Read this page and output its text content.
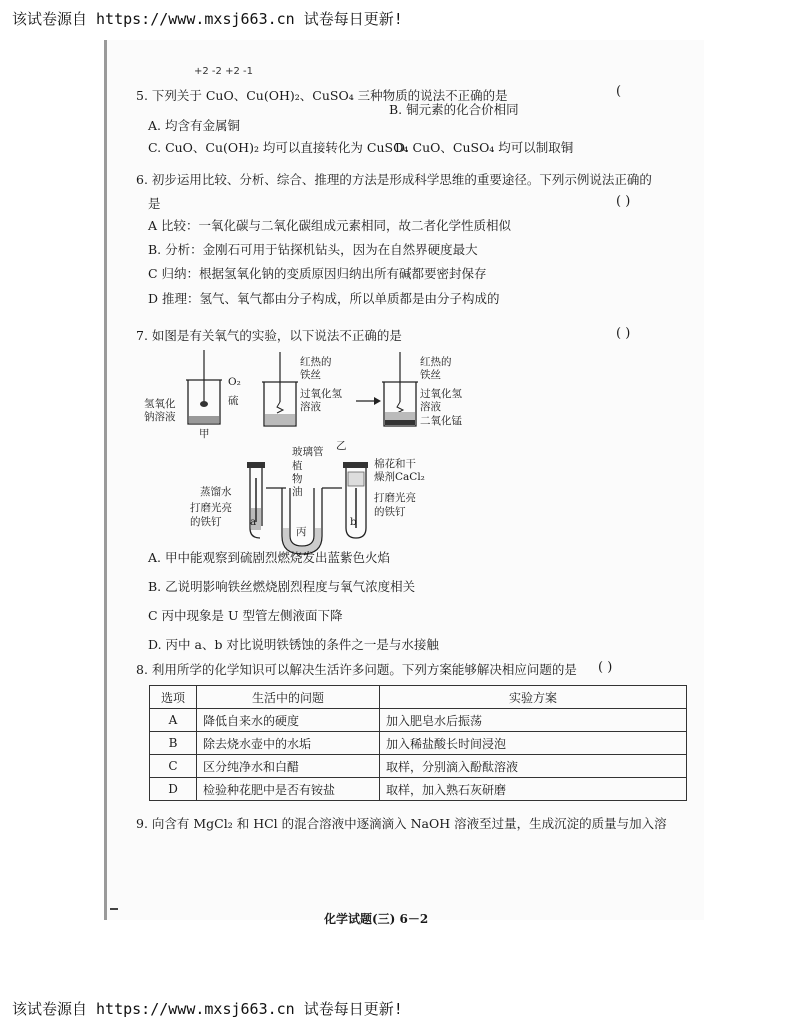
该试卷源自 https://www.mxsj663.cn 试卷每日更新!
+2 -2 +2 -1
5. 下列关于 CuO、Cu(OH)₂、CuSO₄ 三种物质的说法不正确的是	(
B. 铜元素的化合价相同
A. 均含有金属铜
C. CuO、Cu(OH)₂ 均可以直接转化为 CuSO₄
D. CuO、CuSO₄ 均可以制取铜
6. 初步运用比较、分析、综合、推理的方法是形成科学思维的重要途径。下列示例说法正确的
是	( )
A 比较：一氧化碳与二氧化碳组成元素相同，故二者化学性质相似
B. 分析：金刚石可用于钻探机钻头，因为在自然界硬度最大
C 归纳：根据氢氧化钠的变质原因归纳出所有碱都要密封保存
D 推理：氢气、氧气都由分子构成，所以单质都是由分子构成的
7. 如图是有关氧气的实验，以下说法不正确的是	( )
O₂
硫
氢氧化
钠溶液
甲
红热的
铁丝
过氧化氢
溶液
红热的
铁丝
过氧化氢
溶液
二氧化锰
乙
蒸馏水
打磨光亮
的铁钉	a
玻璃管
植
物
油
棉花和干
燥剂CaCl₂
打磨光亮
的铁钉
b
丙
A. 甲中能观察到硫剧烈燃烧发出蓝紫色火焰
B. 乙说明影响铁丝燃烧剧烈程度与氧气浓度相关
C 丙中现象是 U 型管左侧液面下降
D. 丙中 a、b 对比说明铁锈蚀的条件之一是与水接触
8. 利用所学的化学知识可以解决生活许多问题。下列方案能够解决相应问题的是 ( )
选项	生活中的问题	实验方案
A	降低自来水的硬度	加入肥皂水后振荡
B	除去烧水壶中的水垢	加入稀盐酸长时间浸泡
C	区分纯净水和白醋	取样，分别滴入酚酞溶液
D	检验种花肥中是否有铵盐	取样，加入熟石灰研磨
9. 向含有 MgCl₂ 和 HCl 的混合溶液中逐滴滴入 NaOH 溶液至过量，生成沉淀的质量与加入溶
化学试题(三) 6－2
该试卷源自 https://www.mxsj663.cn 试卷每日更新!
